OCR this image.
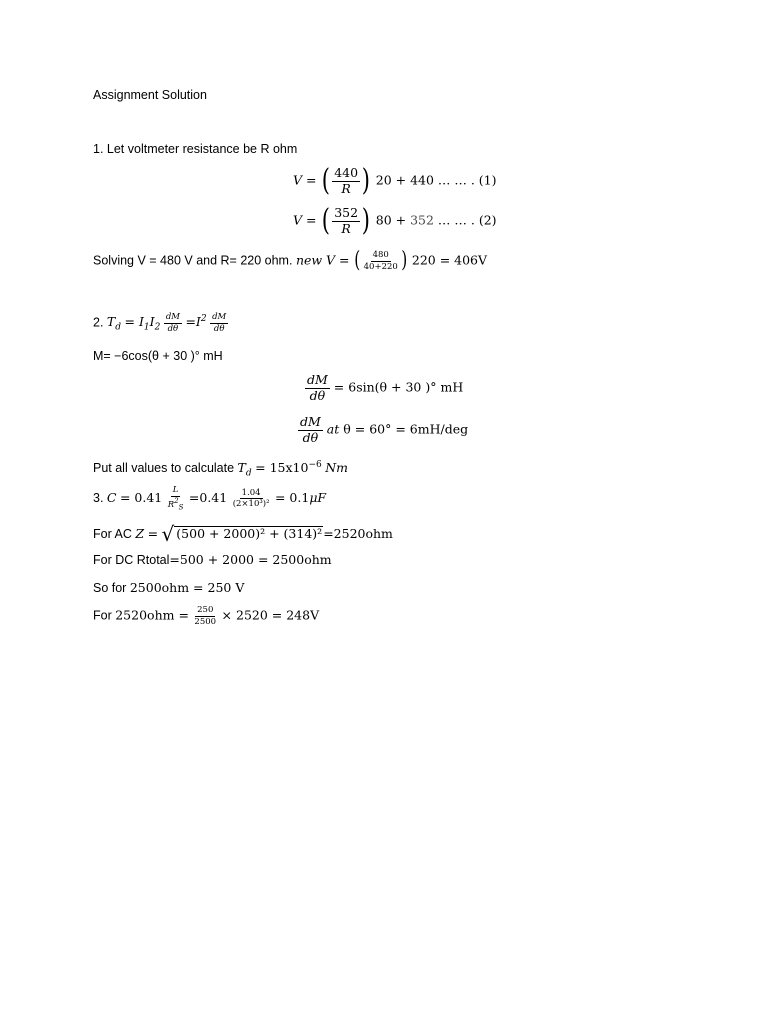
Assignment Solution
1. Let voltmeter resistance be R ohm
V = ( $\frac{440}{R}$ ) 20 + 440 … … . (1)
V = ( $\frac{352}{R}$ ) 80 + 352 … … . (2)
Solving V = 480 V and R= 220 ohm. new V = ( $\frac{480}{40+220}$ ) 220 = 406V
2. $T_d = I_1I_2 \frac{dM}{d\theta} =I^2 \frac{dM}{d\theta}$
M= −6cos(θ + 30 )° mH
$\frac{dM}{d\theta} = 6\sin(\theta + 30$ )° mH
$\frac{dM}{d\theta}$ at θ = 60° = 6mH/deg
Put all values to calculate $T_d = 15x10^{-6}$ Nm
3. $C = 0.41 \frac{L}{R^2_S} =0.41 \frac{1.04}{\text{(2×10³)²}} = 0.1\mu F$
For AC Z = √ (500 + 2000)² + (314)²=2520ohm
For DC Rtotal=500 + 2000 = 2500ohm
So for 2500ohm = 250 V
For $2520ohm = \frac{250}{2500} \times 2520 = 248V$
